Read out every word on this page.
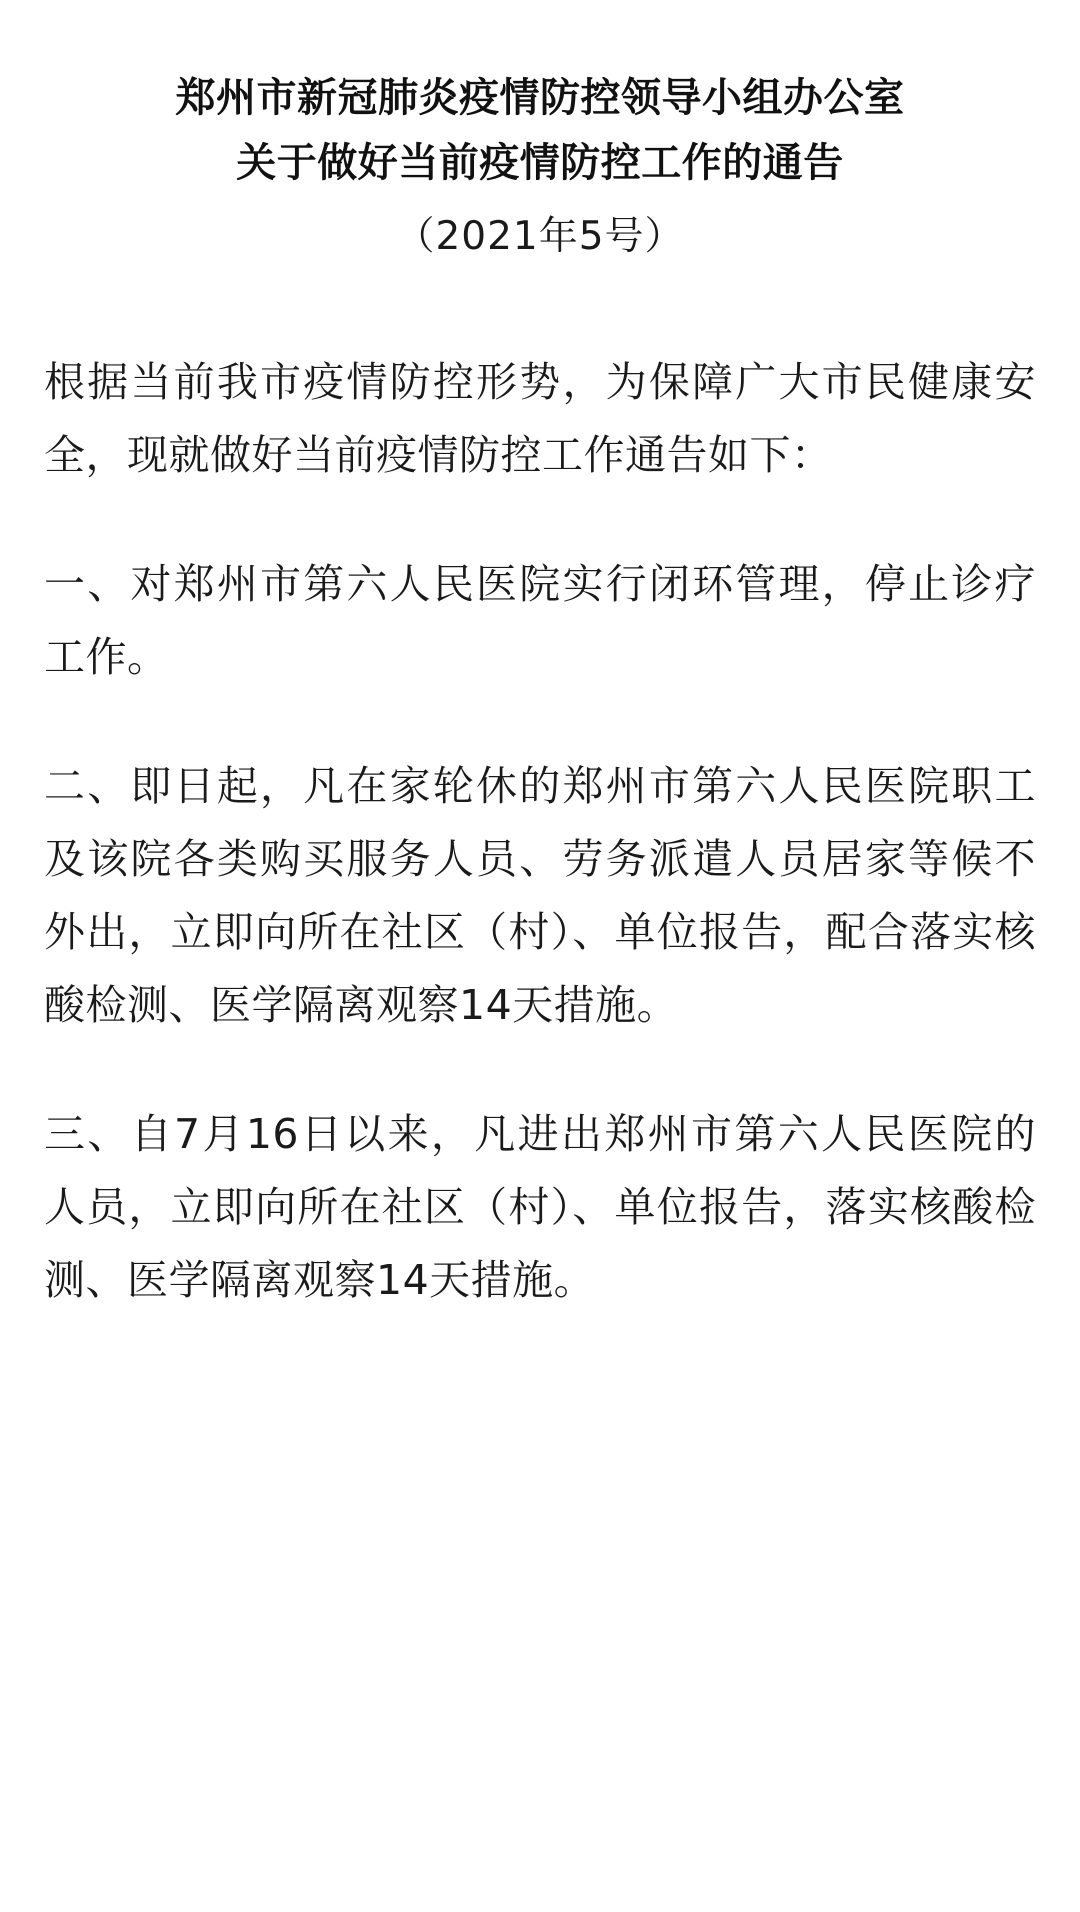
郑州市新冠肺炎疫情防控领导小组办公室
关于做好当前疫情防控工作的通告
（2021年5号）

根据当前我市疫情防控形势，为保障广大市民健康安全，现就做好当前疫情防控工作通告如下：

一、对郑州市第六人民医院实行闭环管理，停止诊疗工作。

二、即日起，凡在家轮休的郑州市第六人民医院职工及该院各类购买服务人员、劳务派遣人员居家等候不外出，立即向所在社区（村）、单位报告，配合落实核酸检测、医学隔离观察14天措施。

三、自7月16日以来，凡进出郑州市第六人民医院的人员，立即向所在社区（村）、单位报告，落实核酸检测、医学隔离观察14天措施。
